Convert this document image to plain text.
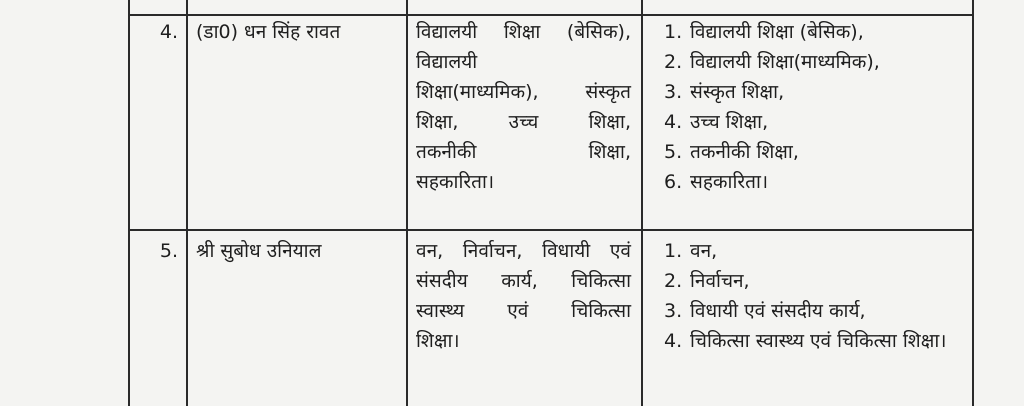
4. (डा0) धन सिंह रावत	विद्यालयी शिक्षा (बेसिक),
विद्यालयी
शिक्षा(माध्यमिक), संस्कृत
शिक्षा, उच्च शिक्षा,
तकनीकी शिक्षा,
सहकारिता।
1. विद्यालयी शिक्षा (बेसिक),
2. विद्यालयी शिक्षा(माध्यमिक),
3. संस्कृत शिक्षा,
4. उच्च शिक्षा,
5. तकनीकी शिक्षा,
6. सहकारिता।
5. श्री सुबोध उनियाल	वन, निर्वाचन, विधायी एवं
संसदीय कार्य, चिकित्सा
स्वास्थ्य एवं चिकित्सा
शिक्षा।
1. वन,
2. निर्वाचन,
3. विधायी एवं संसदीय कार्य,
4. चिकित्सा स्वास्थ्य एवं चिकित्सा शिक्षा।
